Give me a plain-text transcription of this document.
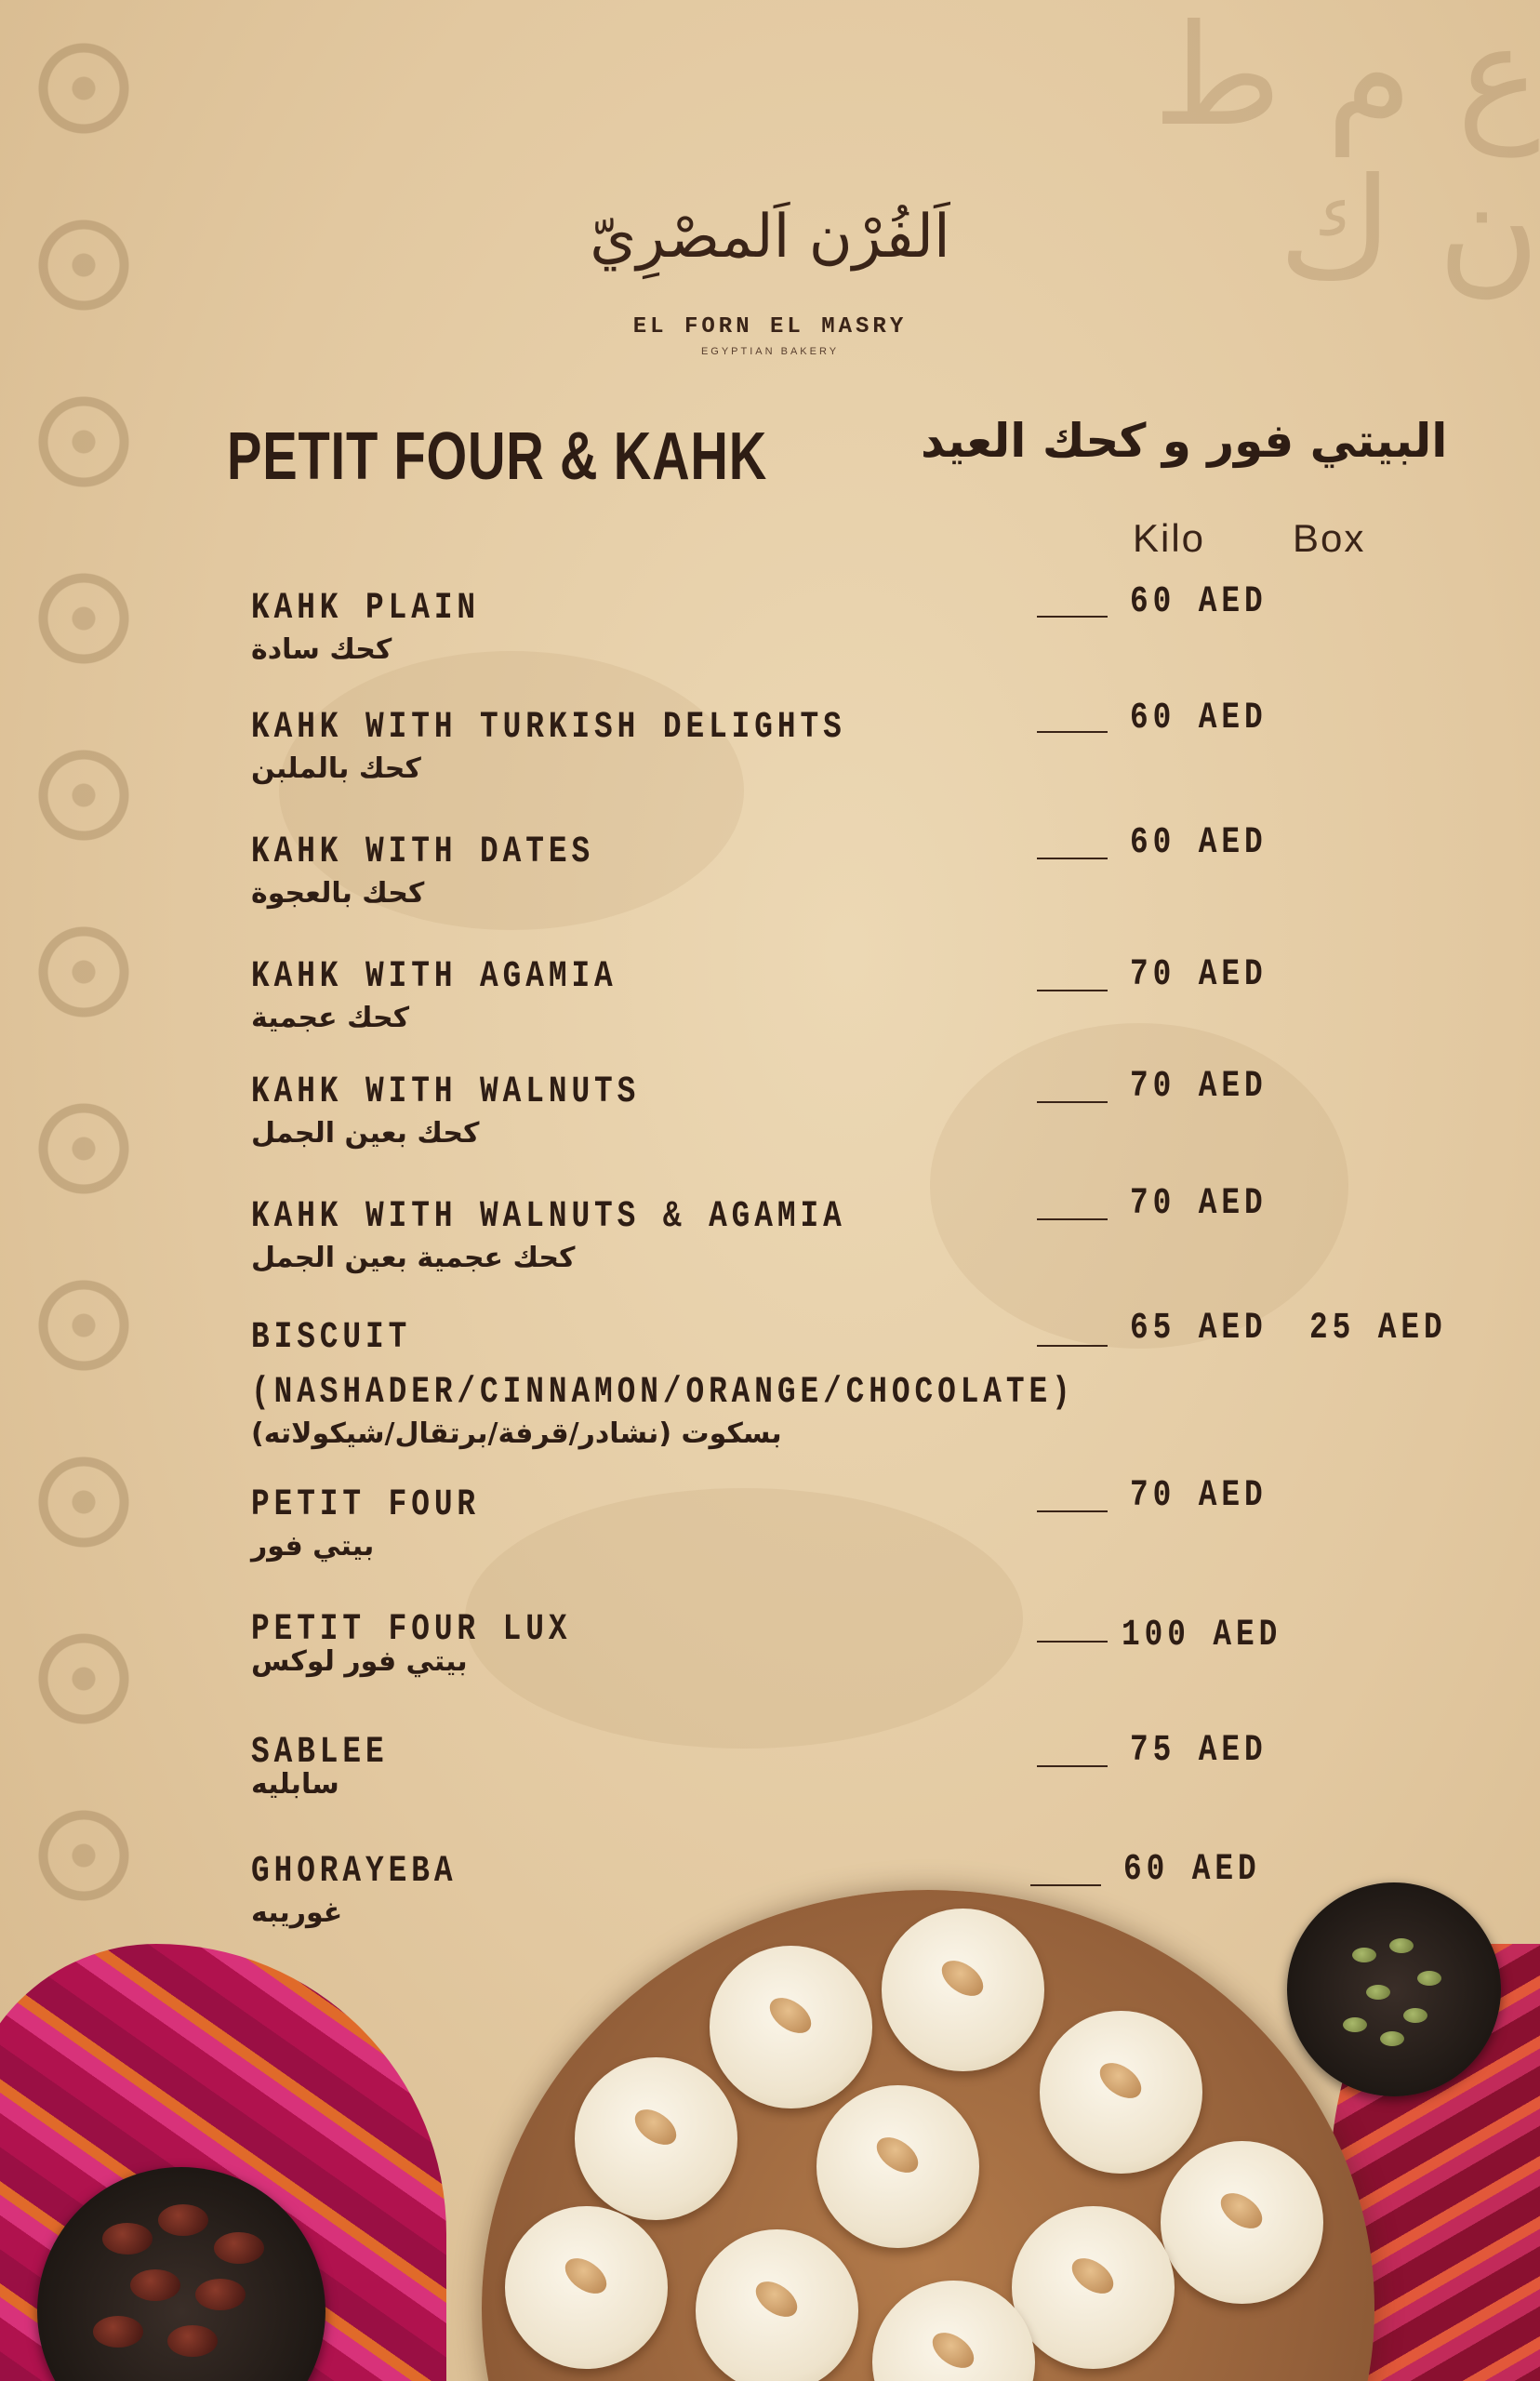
ﻉ ﻡ ﻁ
ﻥ ﻙ
اَلفُرْن اَلمصْرِيّ
EL FORN EL MASRY
EGYPTIAN BAKERY
PETIT FOUR & KAHK	البيتي فور و كحك العيد
Kilo Box
KAHK PLAIN
كحك سادة
60 AED
KAHK WITH TURKISH DELIGHTS
كحك بالملبن
60 AED
KAHK WITH DATES
كحك بالعجوة
60 AED
KAHK WITH AGAMIA
كحك عجمية
70 AED
KAHK WITH WALNUTS
كحك بعين الجمل
70 AED
KAHK WITH WALNUTS & AGAMIA
كحك عجمية بعين الجمل
70 AED
BISCUIT
(NASHADER/CINNAMON/ORANGE/CHOCOLATE)
بسكوت (نشادر/قرفة/برتقال/شيكولاته)
65 AED 25 AED
PETIT FOUR
بيتي فور
70 AED
PETIT FOUR LUX
بيتي فور لوكس
100 AED
SABLEE
سابليه
75 AED
GHORAYEBA
غوريبه
60 AED
